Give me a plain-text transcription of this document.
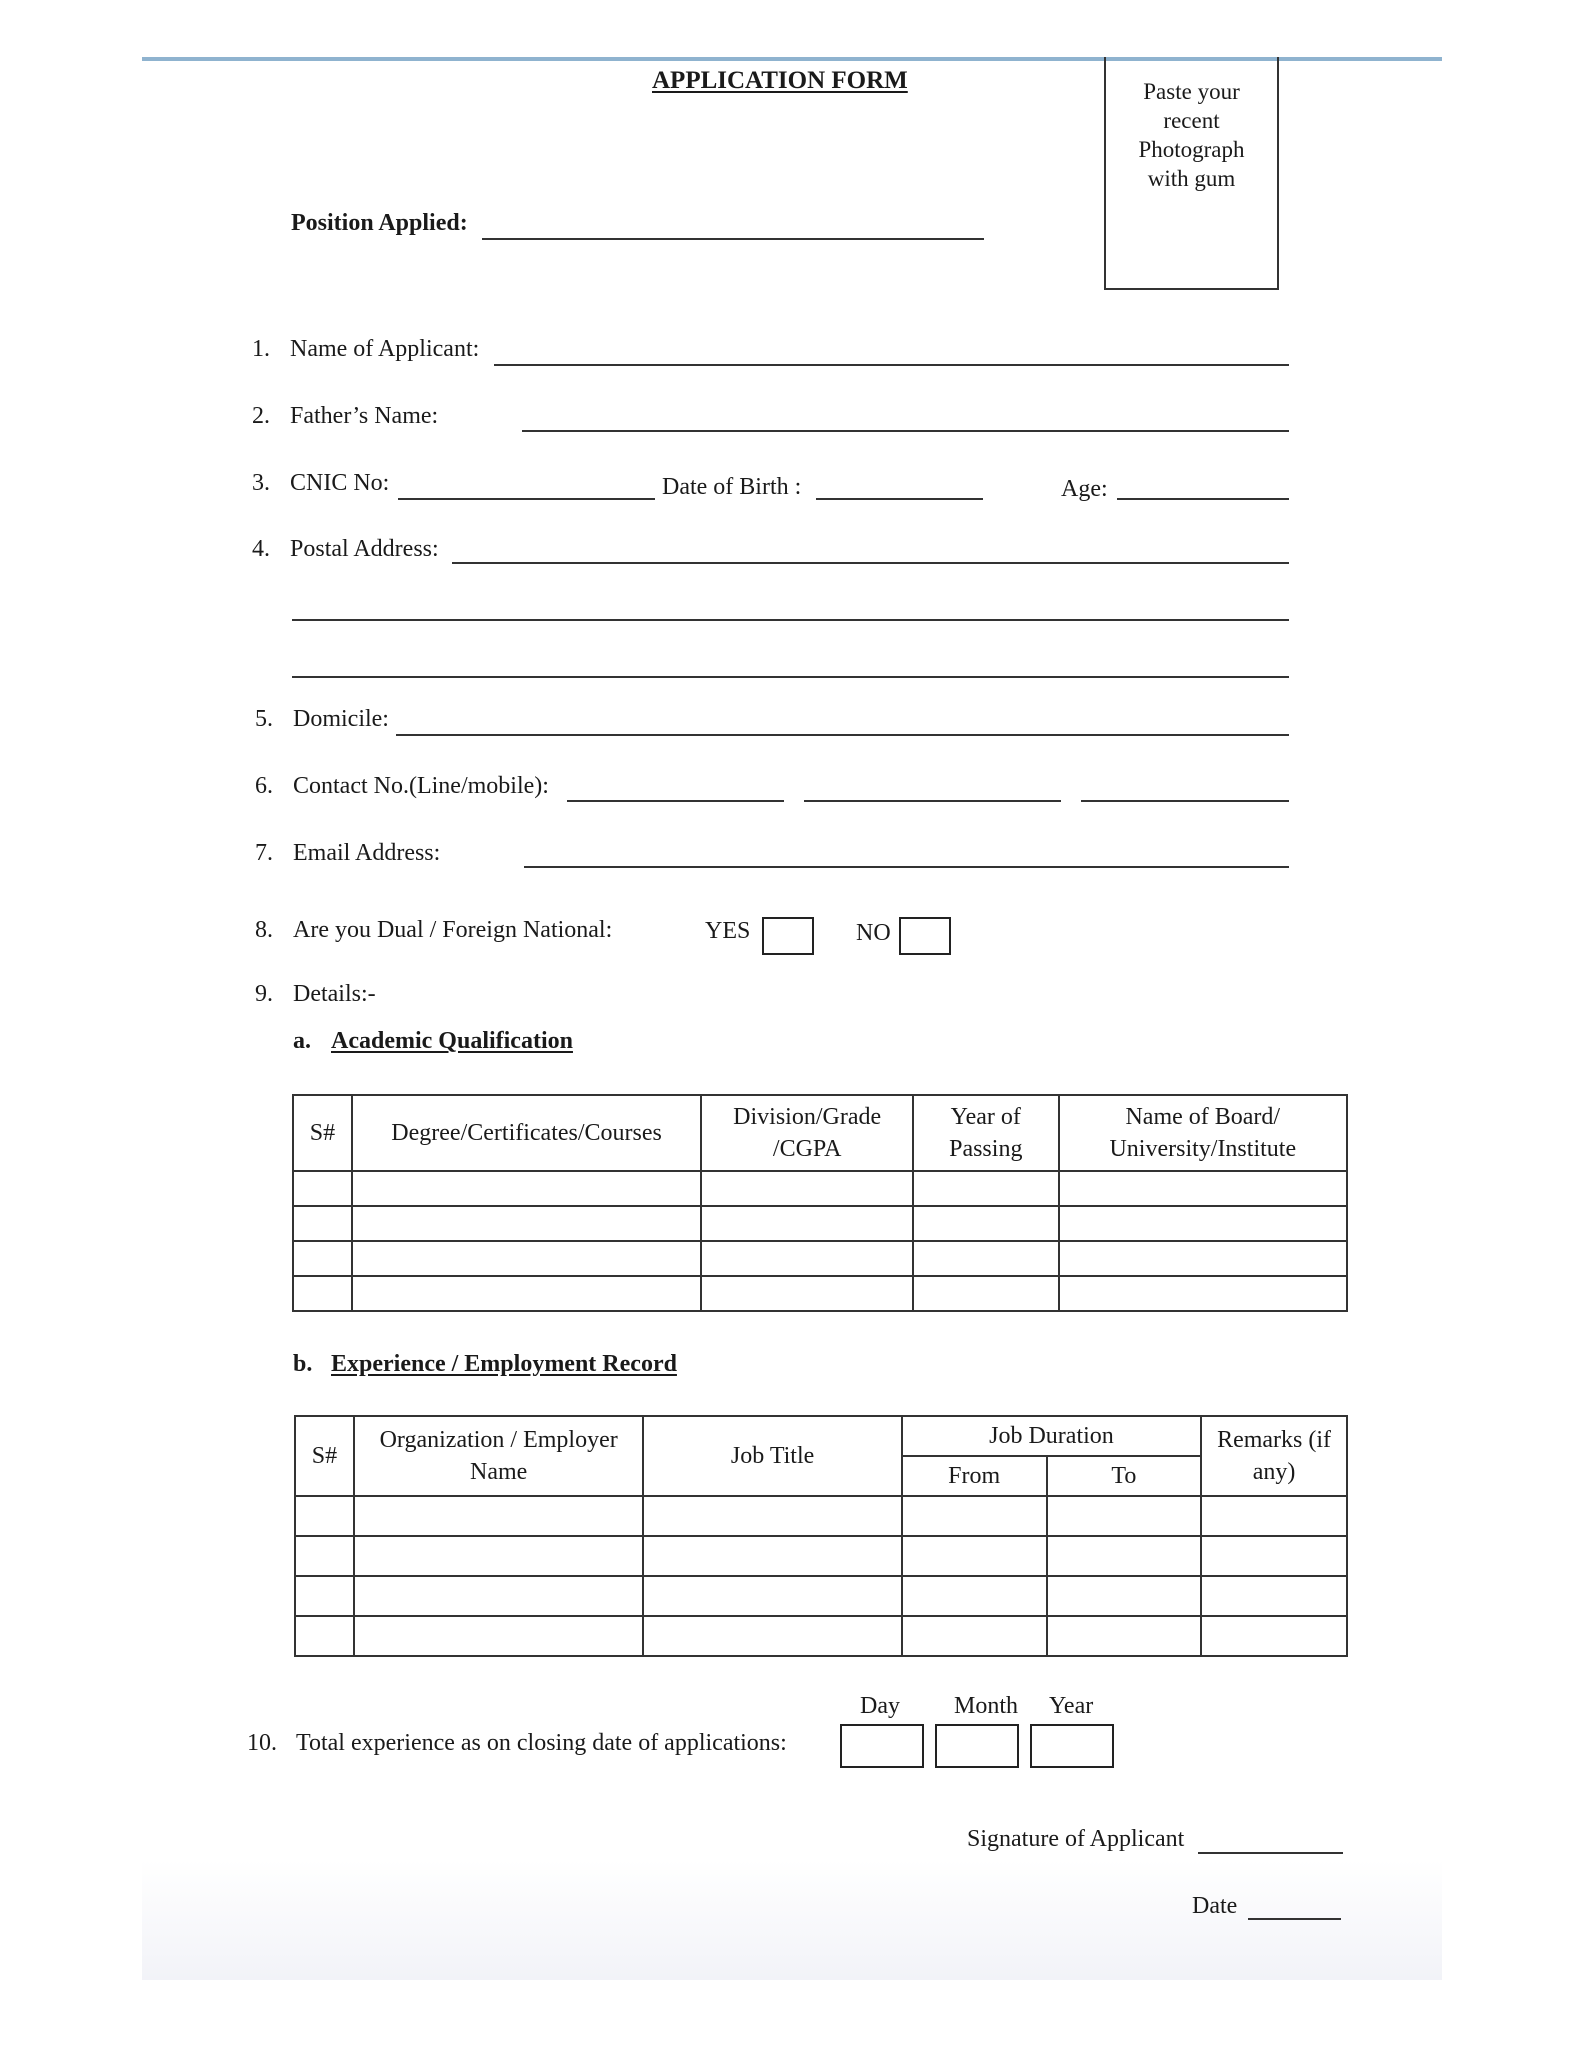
APPLICATION FORM	Paste your
recent
Photograph
with gum
Position Applied:
1. Name of Applicant:
2. Father’s Name:
3. CNIC No:	Date of Birth :	Age:
4. Postal Address:
5. Domicile:
6. Contact No.(Line/mobile):
7. Email Address:
8. Are you Dual / Foreign National:	YES	NO
9. Details:-
a. Academic Qualification
S#	Degree/Certificates/Courses	Division/Grade /CGPA	Year of Passing	Name of Board/ University/Institute

b. Experience / Employment Record
S#	Organization / Employer Name	Job Title	Job Duration		Remarks (if any)
			From	To	

Day Month Year
10. Total experience as on closing date of applications:
Signature of Applicant
Date
